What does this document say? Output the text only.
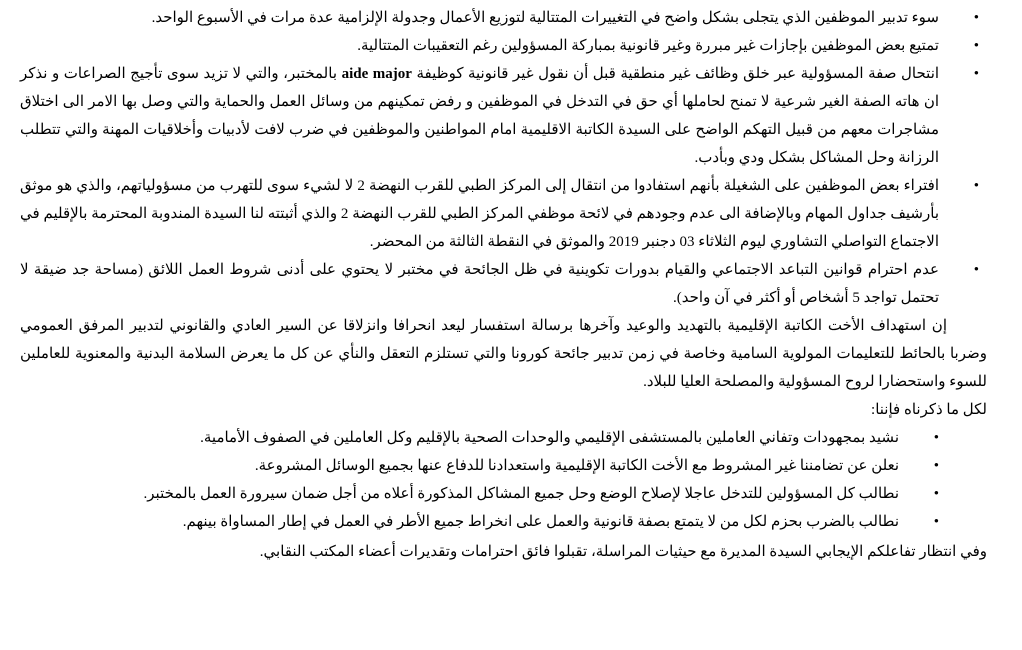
• سوء تدبير الموظفين الذي يتجلى بشكل واضح في التغييرات المتتالية لتوزيع الأعمال وجدولة الإلزامية عدة مرات في الأسبوع الواحد.
• تمتيع بعض الموظفين بإجازات غير مبررة وغير قانونية بمباركة المسؤولين رغم التعقيبات المتتالية.
• انتحال صفة المسؤولية عبر خلق وظائف غير منطقية قبل أن نقول غير قانونية كوظيفة aide major بالمختبر، والتي لا تزيد سوى تأجيج الصراعات و نذكر ان هاته الصفة الغير شرعية لا تمنح لحاملها أي حق في التدخل في الموظفين و رفض تمكينهم من وسائل العمل والحماية والتي وصل بها الامر الى اختلاق مشاجرات معهم من قبيل التهكم الواضح على السيدة الكاتبة الاقليمية امام المواطنين والموظفين في ضرب لافت لأدبيات وأخلاقيات المهنة والتي تتطلب الرزانة وحل المشاكل بشكل ودي وبأدب.
• افتراء بعض الموظفين على الشغيلة بأنهم استفادوا من انتقال إلى المركز الطبي للقرب النهضة 2 لا لشيء سوى للتهرب من مسؤولياتهم، والذي هو موثق بأرشيف جداول المهام وبالإضافة الى عدم وجودهم في لائحة موظفي المركز الطبي للقرب النهضة 2 والذي أثبتته لنا السيدة المندوبة المحترمة بالإقليم في الاجتماع التواصلي التشاوري ليوم الثلاثاء 03 دجنبر 2019 والموثق في النقطة الثالثة من المحضر.
• عدم احترام قوانين التباعد الاجتماعي والقيام بدورات تكوينية في ظل الجائحة في مختبر لا يحتوي على أدنى شروط العمل اللائق (مساحة جد ضيقة لا تحتمل تواجد 5 أشخاص أو أكثر في آن واحد).

إن استهداف الأخت الكاتبة الإقليمية بالتهديد والوعيد وآخرها برسالة استفسار ليعد انحرافا وانزلاقا عن السير العادي والقانوني لتدبير المرفق العمومي وضربا بالحائط للتعليمات المولوية السامية وخاصة في زمن تدبير جائحة كورونا والتي تستلزم التعقل والنأي عن كل ما يعرض السلامة البدنية والمعنوية للعاملين للسوء واستحضارا لروح المسؤولية والمصلحة العليا للبلاد.

لكل ما ذكرناه فإننا:

• نشيد بمجهودات وتفاني العاملين بالمستشفى الإقليمي والوحدات الصحية بالإقليم وكل العاملين في الصفوف الأمامية.
• نعلن عن تضامننا غير المشروط مع الأخت الكاتبة الإقليمية واستعدادنا للدفاع عنها بجميع الوسائل المشروعة.
• نطالب كل المسؤولين للتدخل عاجلا لإصلاح الوضع وحل جميع المشاكل المذكورة أعلاه من أجل ضمان سيرورة العمل بالمختبر.
• نطالب بالضرب بحزم لكل من لا يتمتع بصفة قانونية والعمل على انخراط جميع الأطر في العمل في إطار المساواة بينهم.

وفي انتظار تفاعلكم الإيجابي السيدة المديرة مع حيثيات المراسلة، تقبلوا فائق احترامات وتقديرات أعضاء المكتب النقابي.
